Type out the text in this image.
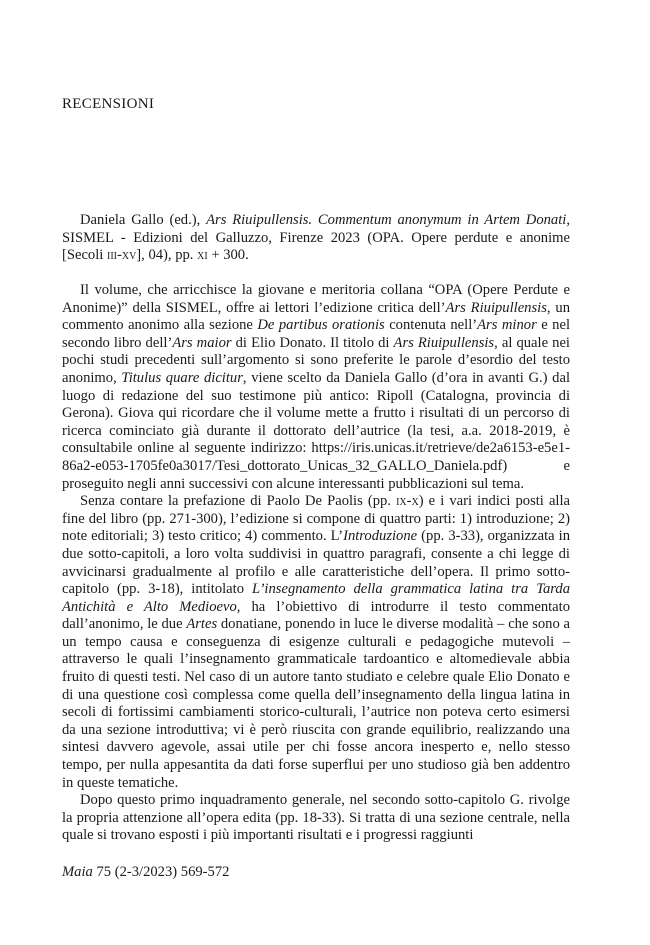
RECENSIONI

Daniela Gallo (ed.), Ars Riuipullensis. Commentum anonymum in Artem Donati, SISMEL - Edizioni del Galluzzo, Firenze 2023 (OPA. Opere perdute e anonime [Secoli iii-xv], 04), pp. xi + 300.

Il volume, che arricchisce la giovane e meritoria collana “OPA (Opere Perdute e Anonime)” della SISMEL, offre ai lettori l’edizione critica dell’Ars Riuipullensis, un commento anonimo alla sezione De partibus orationis contenuta nell’Ars minor e nel secondo libro dell’Ars maior di Elio Donato. Il titolo di Ars Riuipullensis, al quale nei pochi studi precedenti sull’argomento si sono preferite le parole d’esordio del testo anonimo, Titulus quare dicitur, viene scelto da Daniela Gallo (d’ora in avanti G.) dal luogo di redazione del suo testimone più antico: Ripoll (Catalogna, provincia di Gerona). Giova qui ricordare che il volume mette a frutto i risultati di un percorso di ricerca cominciato già durante il dottorato dell’autrice (la tesi, a.a. 2018-2019, è consultabile online al seguente indirizzo: https://iris.unicas.it/retrieve/de2a6153-e5e1-86a2-e053-1705fe0a3017/Tesi_dottorato_Unicas_32_GALLO_Daniela.pdf) e proseguito negli anni successivi con alcune interessanti pubblicazioni sul tema.

Senza contare la prefazione di Paolo De Paolis (pp. ix-x) e i vari indici posti alla fine del libro (pp. 271-300), l’edizione si compone di quattro parti: 1) introduzione; 2) note editoriali; 3) testo critico; 4) commento. L’Introduzione (pp. 3-33), organizzata in due sotto-capitoli, a loro volta suddivisi in quattro paragrafi, consente a chi legge di avvicinarsi gradualmente al profilo e alle caratteristiche dell’opera. Il primo sotto-capitolo (pp. 3-18), intitolato L’insegnamento della grammatica latina tra Tarda Antichità e Alto Medioevo, ha l’obiettivo di introdurre il testo commentato dall’anonimo, le due Artes donatiane, ponendo in luce le diverse modalità – che sono a un tempo causa e conseguenza di esigenze culturali e pedagogiche mutevoli – attraverso le quali l’insegnamento grammaticale tardoantico e altomedievale abbia fruito di questi testi. Nel caso di un autore tanto studiato e celebre quale Elio Donato e di una questione così complessa come quella dell’insegnamento della lingua latina in secoli di fortissimi cambiamenti storico-culturali, l’autrice non poteva certo esimersi da una sezione introduttiva; vi è però riuscita con grande equilibrio, realizzando una sintesi davvero agevole, assai utile per chi fosse ancora inesperto e, nello stesso tempo, per nulla appesantita da dati forse superflui per uno studioso già ben addentro in queste tematiche.

Dopo questo primo inquadramento generale, nel secondo sotto-capitolo G. rivolge la propria attenzione all’opera edita (pp. 18-33). Si tratta di una sezione centrale, nella quale si trovano esposti i più importanti risultati e i progressi raggiunti

Maia 75 (2-3/2023) 569-572
